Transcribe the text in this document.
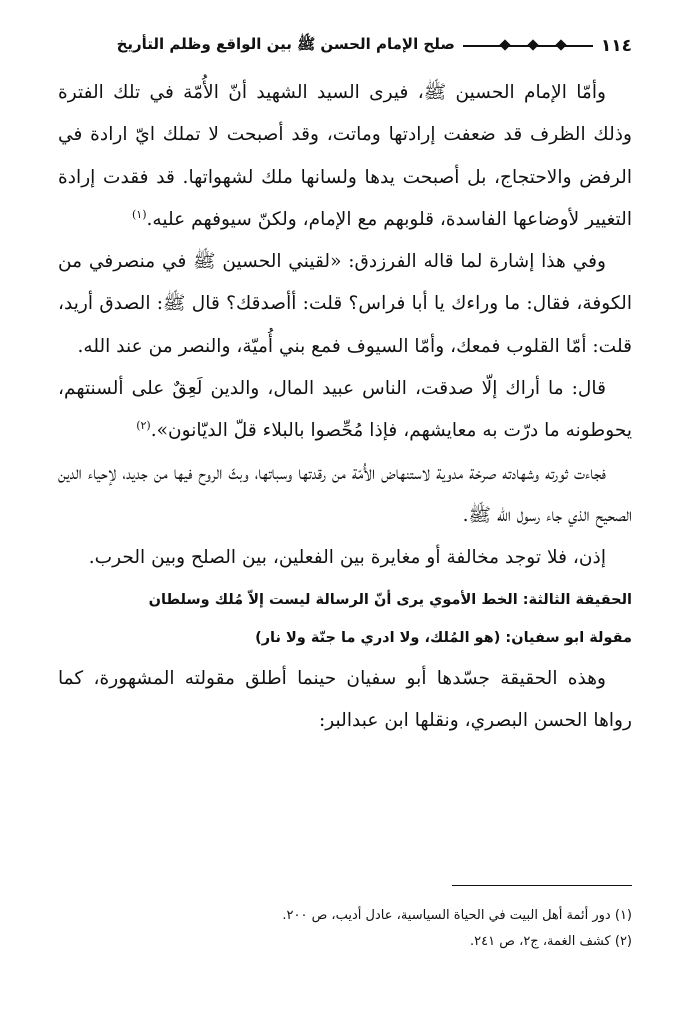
١١٤
صلح الإمام الحسن ﷺ بين الواقع وظلم التأريخ

وأمّا الإمام الحسين ﷺ، فيرى السيد الشهيد أنّ الأُمّة في تلك الفترة وذلك الظرف قد ضعفت إرادتها وماتت، وقد أصبحت لا تملك ايّ ارادة في الرفض والاحتجاج، بل أصبحت يدها ولسانها ملك لشهواتها. قد فقدت إرادة التغيير لأوضاعها الفاسدة، قلوبهم مع الإمام، ولكنّ سيوفهم عليه.$^{(١)}$

وفي هذا إشارة لما قاله الفرزدق: «لقيني الحسين ﷺ في منصرفي من الكوفة، فقال: ما وراءك يا أبا فراس؟ قلت: أأصدقك؟ قال ﷺ: الصدق أريد، قلت: أمّا القلوب فمعك، وأمّا السيوف فمع بني أُميّة، والنصر من عند الله.

قال: ما أراك إلّا صدقت، الناس عبيد المال، والدين لَعِقٌ على ألسنتهم، يحوطونه ما درّت به معايشهم، فإذا مُحِّصوا بالبلاء قلّ الديّانون».$^{(٢)}$

فجاءت ثورته وشهادته صرخة مدوية لاستنهاض الأُمّة من رقدتها وسباتها، وبثّ الروح فيها من جديد، لإحياء الدين الصحيح الذي جاء رسول الله ﷺ.

إذن، فلا توجد مخالفة أو مغايرة بين الفعلين، بين الصلح وبين الحرب.

الحقيقة الثالثة: الخط الأموي يرى أنّ الرسالة ليست إلاّ مُلك وسلطان

مقولة ابو سفيان: (هو المُلك، ولا ادري ما جنّة ولا نار)

وهذه الحقيقة جسّدها أبو سفيان حينما أطلق مقولته المشهورة، كما رواها الحسن البصري، ونقلها ابن عبدالبر:

(١) دور أئمة أهل البيت في الحياة السياسية، عادل أديب، ص ٢٠٠.
(٢) كشف الغمة، ج٢، ص ٢٤١.
